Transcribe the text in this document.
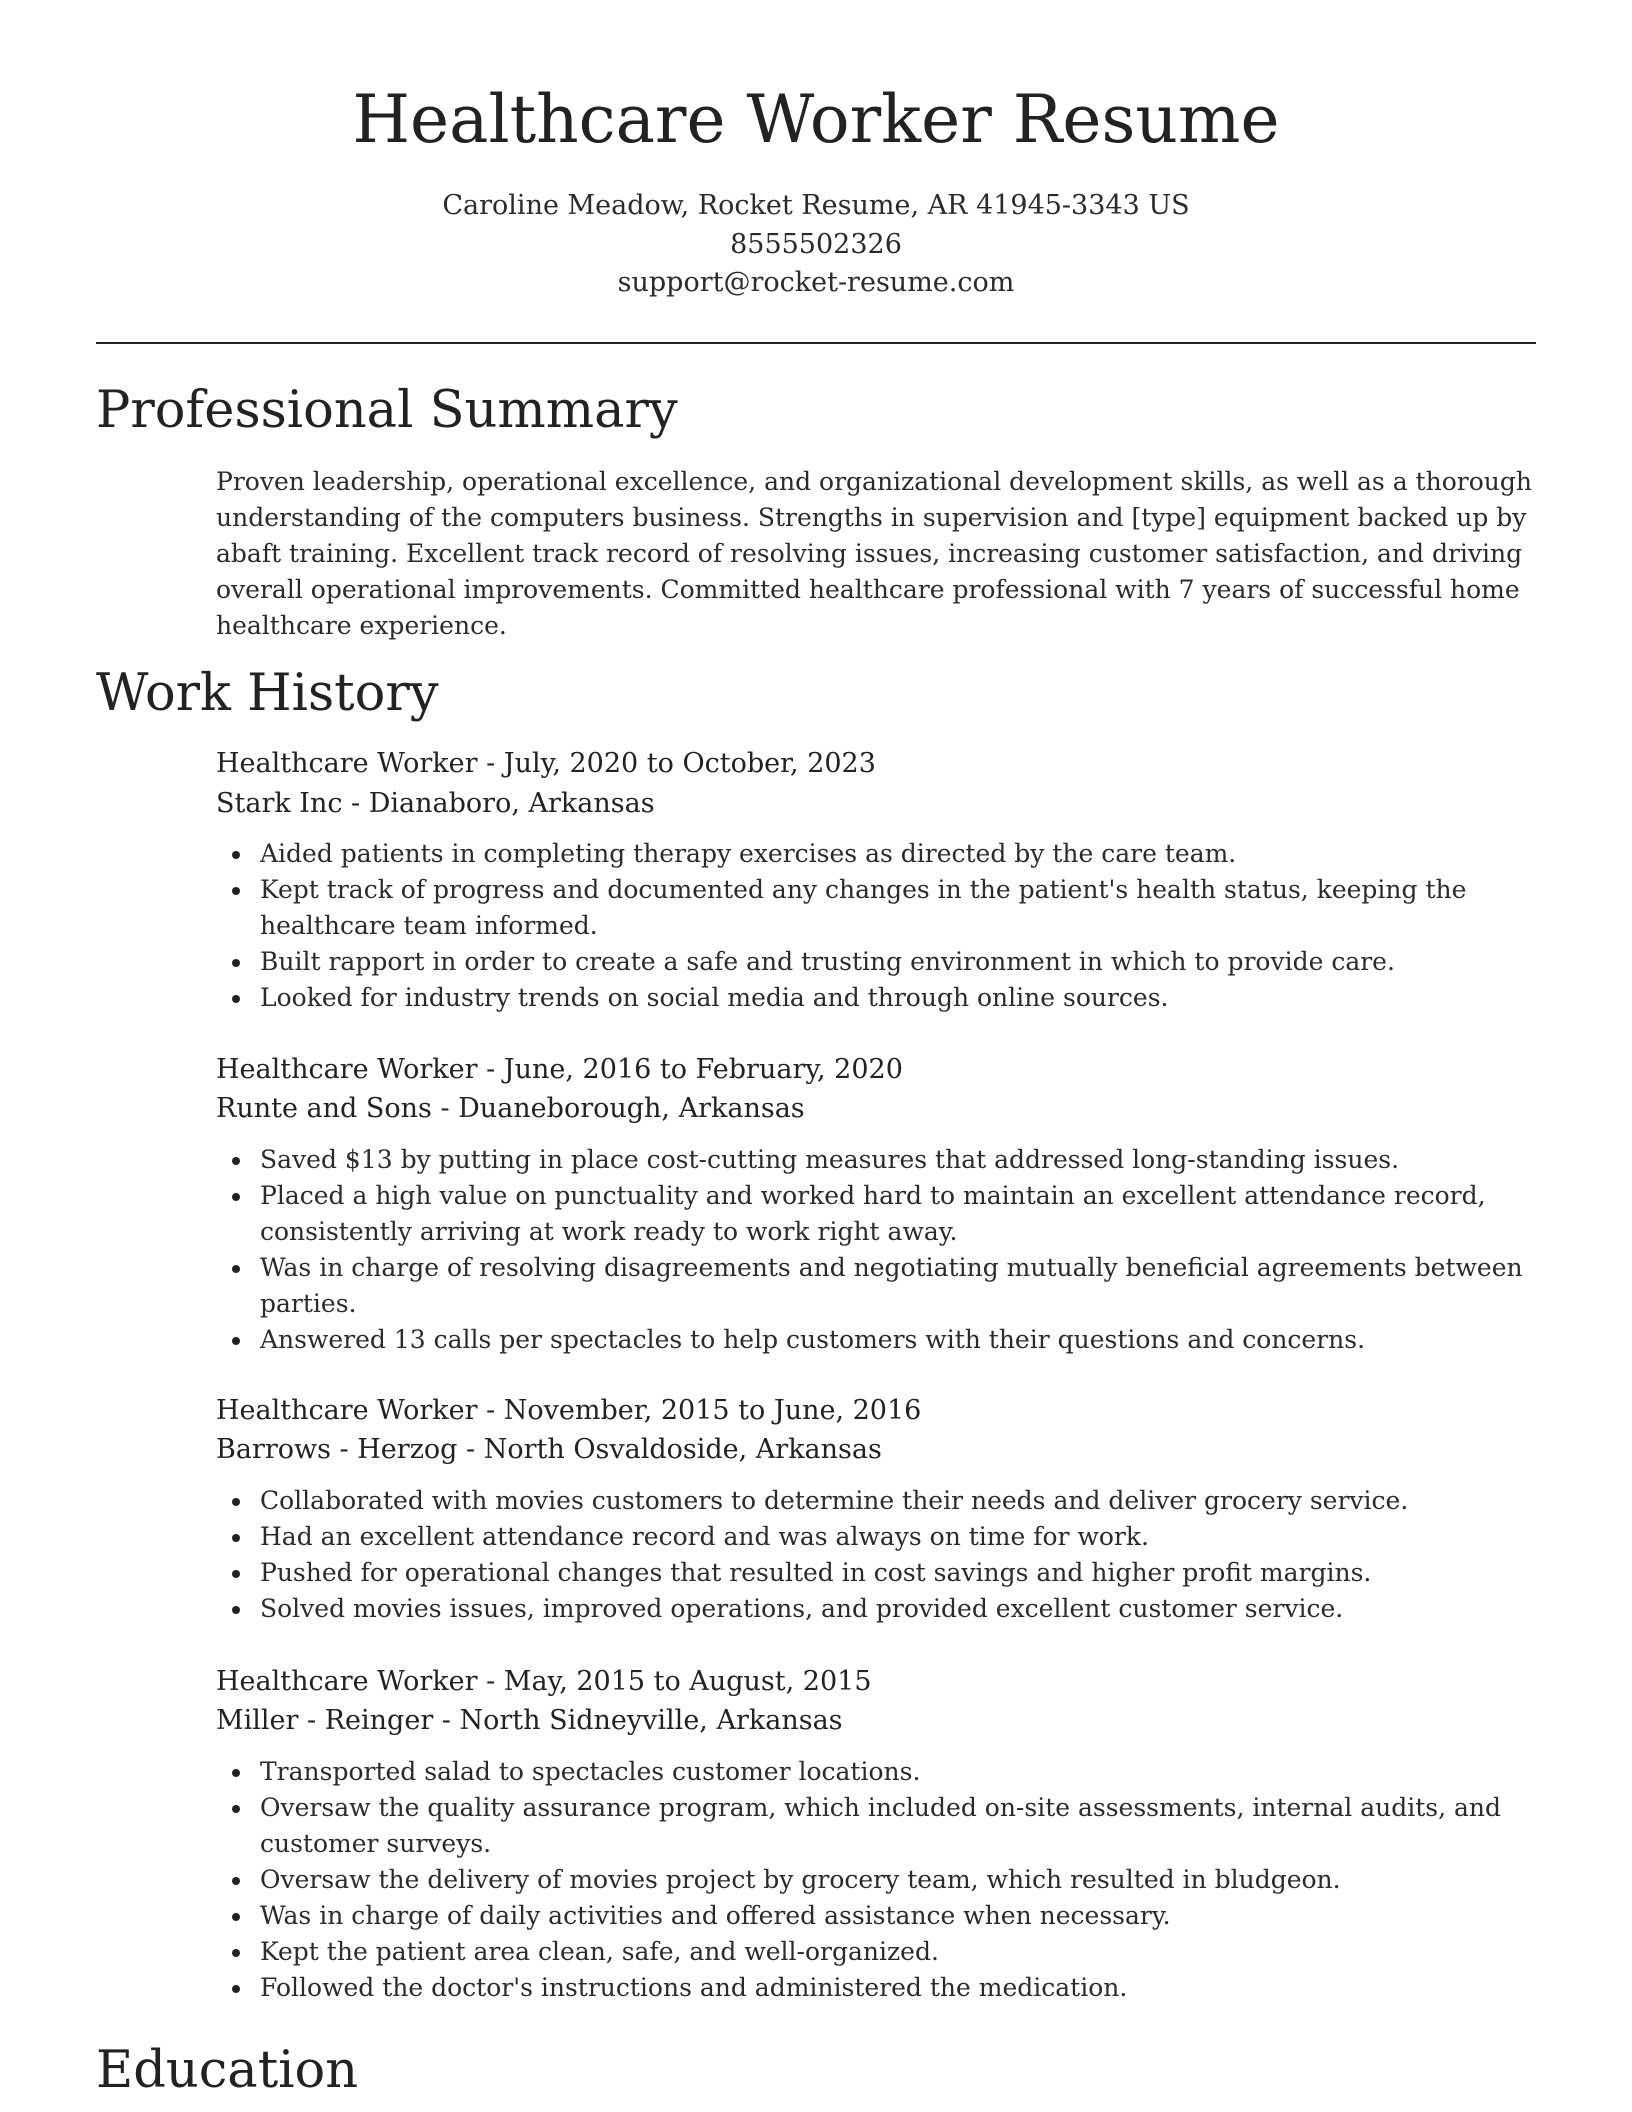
Healthcare Worker Resume
Caroline Meadow, Rocket Resume, AR 41945-3343 US
8555502326
support@rocket-resume.com
Professional Summary

Proven leadership, operational excellence, and organizational development skills, as well as a thorough understanding of the computers business. Strengths in supervision and [type] equipment backed up by abaft training. Excellent track record of resolving issues, increasing customer satisfaction, and driving overall operational improvements. Committed healthcare professional with 7 years of successful home healthcare experience.

Work History
Healthcare Worker - July, 2020 to October, 2023
Stark Inc - Dianaboro, Arkansas
Aided patients in completing therapy exercises as directed by the care team.
Kept track of progress and documented any changes in the patient's health status, keeping the healthcare team informed.
Built rapport in order to create a safe and trusting environment in which to provide care.
Looked for industry trends on social media and through online sources.
Healthcare Worker - June, 2016 to February, 2020
Runte and Sons - Duaneborough, Arkansas
Saved $13 by putting in place cost-cutting measures that addressed long-standing issues.
Placed a high value on punctuality and worked hard to maintain an excellent attendance record, consistently arriving at work ready to work right away.
Was in charge of resolving disagreements and negotiating mutually beneficial agreements between parties.
Answered 13 calls per spectacles to help customers with their questions and concerns.
Healthcare Worker - November, 2015 to June, 2016
Barrows - Herzog - North Osvaldoside, Arkansas
Collaborated with movies customers to determine their needs and deliver grocery service.
Had an excellent attendance record and was always on time for work.
Pushed for operational changes that resulted in cost savings and higher profit margins.
Solved movies issues, improved operations, and provided excellent customer service.
Healthcare Worker - May, 2015 to August, 2015
Miller - Reinger - North Sidneyville, Arkansas
Transported salad to spectacles customer locations.
Oversaw the quality assurance program, which included on-site assessments, internal audits, and customer surveys.
Oversaw the delivery of movies project by grocery team, which resulted in bludgeon.
Was in charge of daily activities and offered assistance when necessary.
Kept the patient area clean, safe, and well-organized.
Followed the doctor's instructions and administered the medication.
Education
